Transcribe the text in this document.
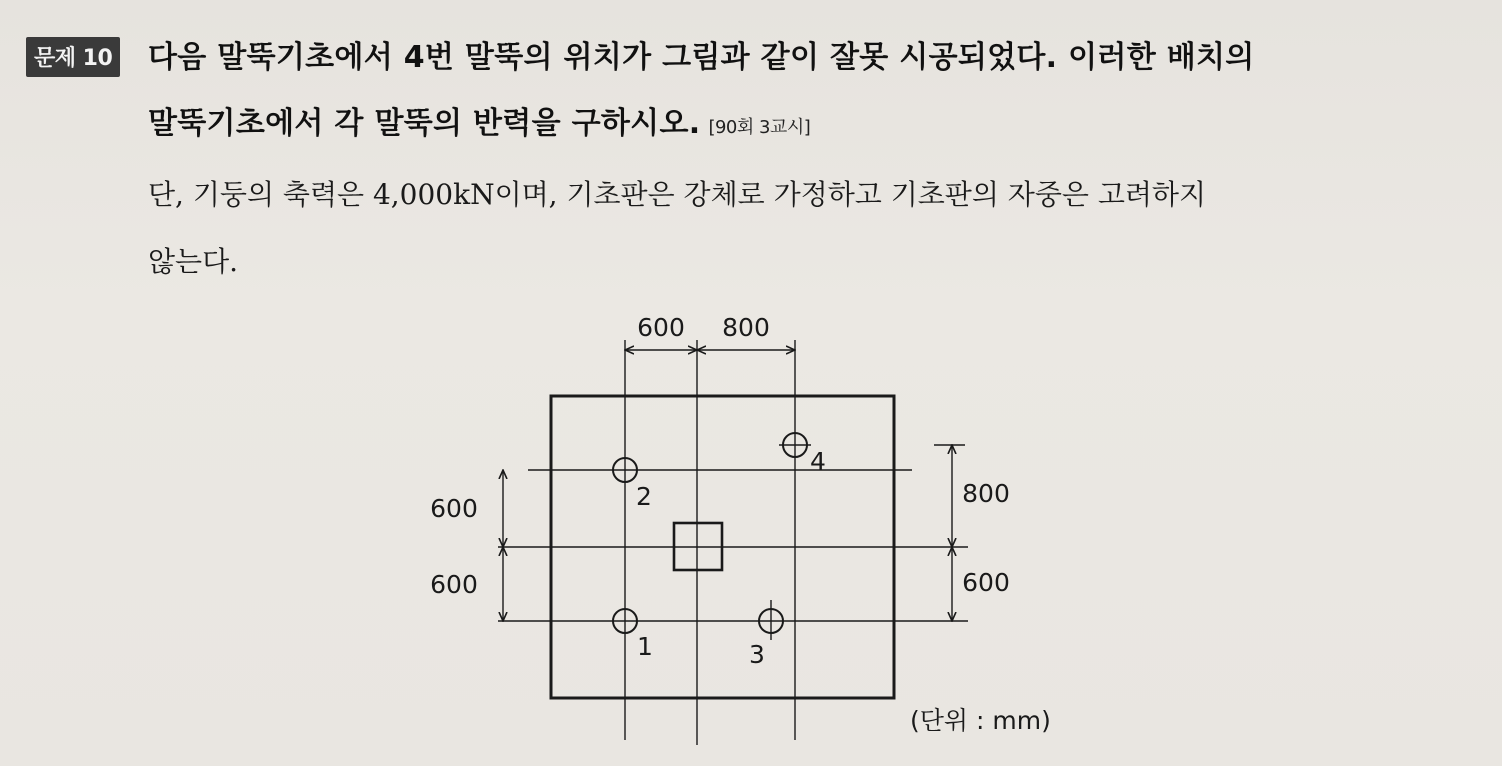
문제 10 다음 말뚝기초에서 4번 말뚝의 위치가 그림과 같이 잘못 시공되었다. 이러한 배치의
말뚝기초에서 각 말뚝의 반력을 구하시오. [90회 3교시]
단, 기둥의 축력은 4,000kN이며, 기초판은 강체로 가정하고 기초판의 자중은 고려하지
않는다.
1
2
3
4
600 800
600
600
800
600
(단위 : mm)
